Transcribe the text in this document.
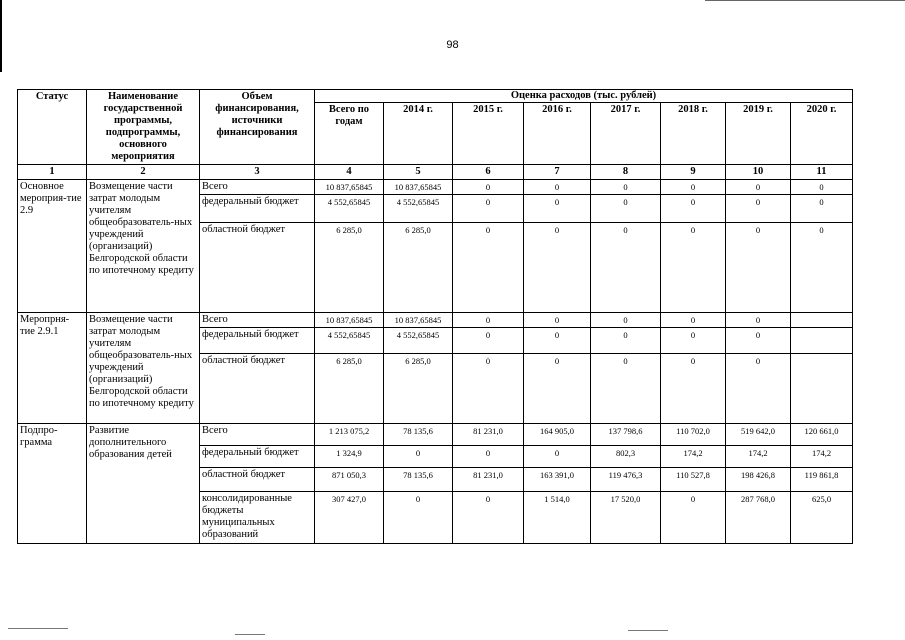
98
Статус	Наименование государственной программы, подпрограммы, основного мероприятия	Объем финансирования, источники финансирования	Оценка расходов (тыс. рублей)							
			Всего по годам	2014 г.	2015 г.	2016 г.	2017 г.	2018 г.	2019 г.	2020 г.
1	2	3	4	5	6	7	8	9	10	11
Основное мероприя-тие 2.9	Возмещение части затрат молодым учителям общеобразователь-ных учреждений (организаций) Белгородской области по ипотечному кредиту	Всего	10 837,65845	10 837,65845	0	0	0	0	0	0
		федеральный бюджет	4 552,65845	4 552,65845	0	0	0	0	0	0
		областной бюджет	6 285,0	6 285,0	0	0	0	0	0	0
Меропрня-тие 2.9.1	Возмещение части затрат молодым учителям общеобразователь-ных учреждений (организаций) Белгородской области по ипотечному кредиту	Всего	10 837,65845	10 837,65845	0	0	0	0	0	
		федеральный бюджет	4 552,65845	4 552,65845	0	0	0	0	0	
		областной бюджет	6 285,0	6 285,0	0	0	0	0	0	
Подпро-грамма	Развитие дополнительного образования детей	Всего	1 213 075,2	78 135,6	81 231,0	164 905,0	137 798,6	110 702,0	519 642,0	120 661,0
		федеральный бюджет	1 324,9	0	0	0	802,3	174,2	174,2	174,2
		областной бюджет	871 050,3	78 135,6	81 231,0	163 391,0	119 476,3	110 527,8	198 426,8	119 861,8
		консолидированные бюджеты муниципальных образований	307 427,0	0	0	1 514,0	17 520,0	0	287 768,0	625,0
